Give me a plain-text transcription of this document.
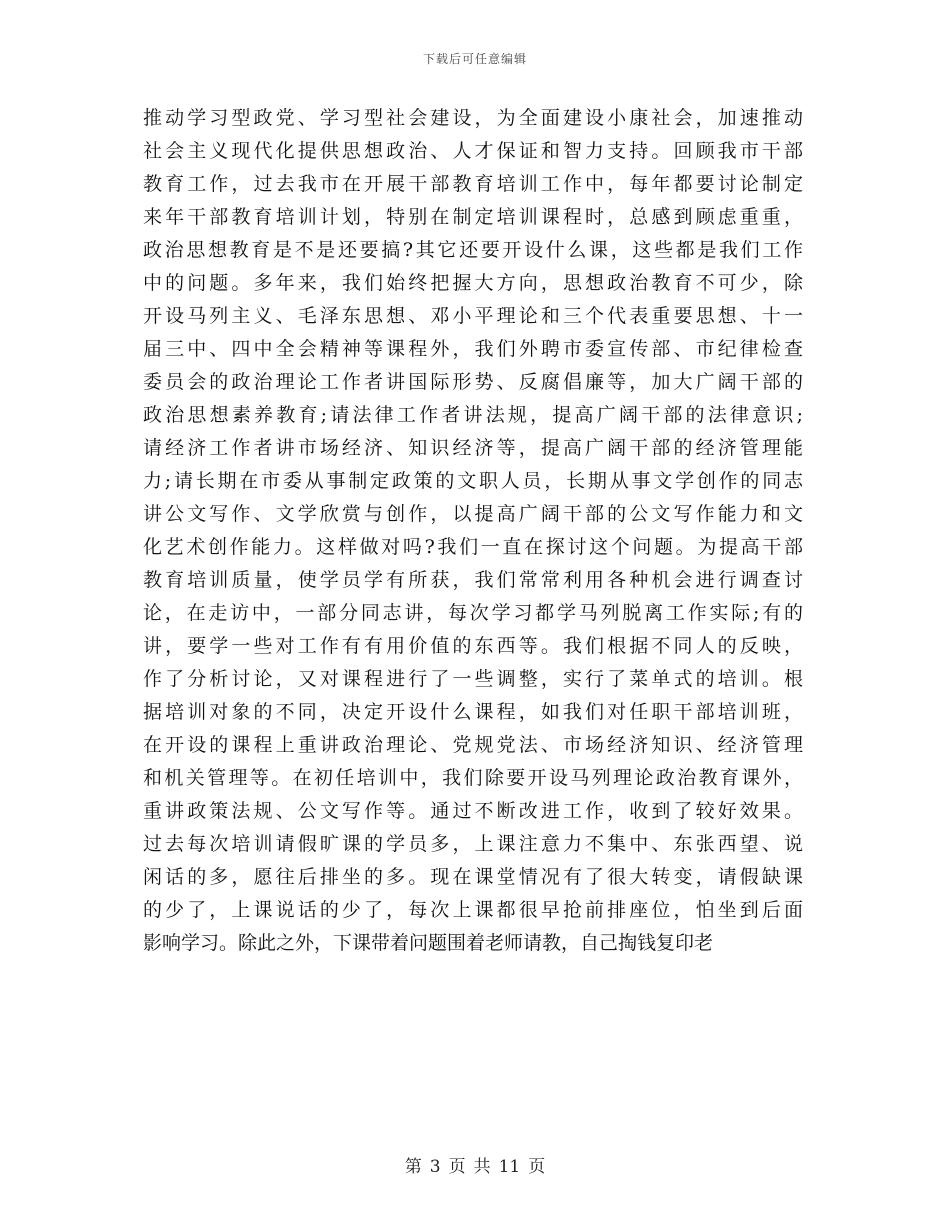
下载后可任意编辑
推动学习型政党、学习型社会建设，为全面建设小康社会，加速推动
社会主义现代化提供思想政治、人才保证和智力支持。回顾我市干部
教育工作，过去我市在开展干部教育培训工作中，每年都要讨论制定
来年干部教育培训计划，特别在制定培训课程时，总感到顾虑重重，
政治思想教育是不是还要搞?其它还要开设什么课，这些都是我们工作
中的问题。多年来，我们始终把握大方向，思想政治教育不可少，除
开设马列主义、毛泽东思想、邓小平理论和三个代表重要思想、十一
届三中、四中全会精神等课程外，我们外聘市委宣传部、市纪律检查
委员会的政治理论工作者讲国际形势、反腐倡廉等，加大广阔干部的
政治思想素养教育;请法律工作者讲法规，提高广阔干部的法律意识;
请经济工作者讲市场经济、知识经济等，提高广阔干部的经济管理能
力;请长期在市委从事制定政策的文职人员，长期从事文学创作的同志
讲公文写作、文学欣赏与创作，以提高广阔干部的公文写作能力和文
化艺术创作能力。这样做对吗?我们一直在探讨这个问题。为提高干部
教育培训质量，使学员学有所获，我们常常利用各种机会进行调查讨
论，在走访中，一部分同志讲，每次学习都学马列脱离工作实际;有的
讲，要学一些对工作有有用价值的东西等。我们根据不同人的反映，
作了分析讨论，又对课程进行了一些调整，实行了菜单式的培训。根
据培训对象的不同，决定开设什么课程，如我们对任职干部培训班，
在开设的课程上重讲政治理论、党规党法、市场经济知识、经济管理
和机关管理等。在初任培训中，我们除要开设马列理论政治教育课外，
重讲政策法规、公文写作等。通过不断改进工作，收到了较好效果。
过去每次培训请假旷课的学员多，上课注意力不集中、东张西望、说
闲话的多，愿往后排坐的多。现在课堂情况有了很大转变，请假缺课
的少了，上课说话的少了，每次上课都很早抢前排座位，怕坐到后面
影响学习。除此之外，下课带着问题围着老师请教，自己掏钱复印老
第 3 页 共 11 页
